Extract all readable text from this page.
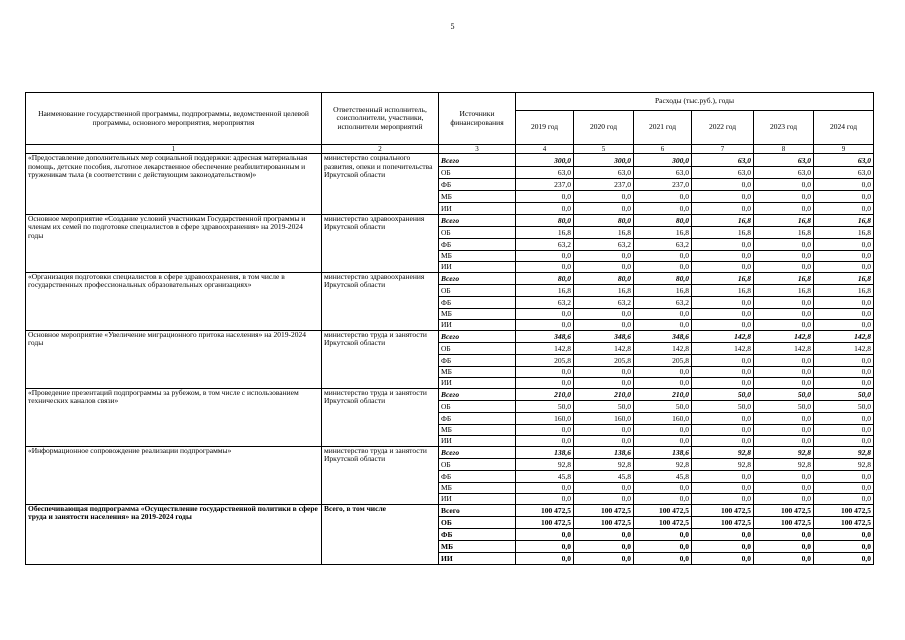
5
Наименование государственной программы, подпрограммы, ведомственной целевой программы, основного мероприятия, мероприятия	Ответственный исполнитель, соисполнители, участники, исполнители мероприятий	Источники финансирования	Расходы (тыс.руб.), годы					
			2019 год	2020 год	2021 год	2022 год	2023 год	2024 год
1	2	3	4	5	6	7	8	9
«Предоставление дополнительных мер социальной поддержки: адресная материальная помощь, детские пособия, льготное лекарственное обеспечение реабилитированным и труженикам тыла (в соответствии с действующим законодательством)»	министерство социального развития, опеки и попечительства Иркутской области	Всего	300,0	300,0	300,0	63,0	63,0	63,0
		ОБ	63,0	63,0	63,0	63,0	63,0	63,0
		ФБ	237,0	237,0	237,0	0,0	0,0	0,0
		МБ	0,0	0,0	0,0	0,0	0,0	0,0
		ИИ	0,0	0,0	0,0	0,0	0,0	0,0
Основное мероприятие «Создание условий участникам Государственной программы и членам их семей по подготовке специалистов в сфере здравоохранения» на 2019-2024 годы	министерство здравоохранения Иркутской области	Всего	80,0	80,0	80,0	16,8	16,8	16,8
		ОБ	16,8	16,8	16,8	16,8	16,8	16,8
		ФБ	63,2	63,2	63,2	0,0	0,0	0,0
		МБ	0,0	0,0	0,0	0,0	0,0	0,0
		ИИ	0,0	0,0	0,0	0,0	0,0	0,0
«Организация подготовки специалистов в сфере здравоохранения, в том числе в государственных профессиональных образовательных организациях»	министерство здравоохранения Иркутской области	Всего	80,0	80,0	80,0	16,8	16,8	16,8
		ОБ	16,8	16,8	16,8	16,8	16,8	16,8
		ФБ	63,2	63,2	63,2	0,0	0,0	0,0
		МБ	0,0	0,0	0,0	0,0	0,0	0,0
		ИИ	0,0	0,0	0,0	0,0	0,0	0,0
Основное мероприятие «Увеличение миграционного притока населения» на 2019-2024 годы	министерство труда и занятости Иркутской области	Всего	348,6	348,6	348,6	142,8	142,8	142,8
		ОБ	142,8	142,8	142,8	142,8	142,8	142,8
		ФБ	205,8	205,8	205,8	0,0	0,0	0,0
		МБ	0,0	0,0	0,0	0,0	0,0	0,0
		ИИ	0,0	0,0	0,0	0,0	0,0	0,0
«Проведение презентаций подпрограммы за рубежом, в том числе с использованием технических каналов связи»	министерство труда и занятости Иркутской области	Всего	210,0	210,0	210,0	50,0	50,0	50,0
		ОБ	50,0	50,0	50,0	50,0	50,0	50,0
		ФБ	160,0	160,0	160,0	0,0	0,0	0,0
		МБ	0,0	0,0	0,0	0,0	0,0	0,0
		ИИ	0,0	0,0	0,0	0,0	0,0	0,0
«Информационное сопровождение реализации подпрограммы»	министерство труда и занятости Иркутской области	Всего	138,6	138,6	138,6	92,8	92,8	92,8
		ОБ	92,8	92,8	92,8	92,8	92,8	92,8
		ФБ	45,8	45,8	45,8	0,0	0,0	0,0
		МБ	0,0	0,0	0,0	0,0	0,0	0,0
		ИИ	0,0	0,0	0,0	0,0	0,0	0,0
Обеспечивающая подпрограмма «Осуществление государственной политики в сфере труда и занятости населения» на 2019-2024 годы	Всего, в том числе	Всего	100 472,5	100 472,5	100 472,5	100 472,5	100 472,5	100 472,5
		ОБ	100 472,5	100 472,5	100 472,5	100 472,5	100 472,5	100 472,5
		ФБ	0,0	0,0	0,0	0,0	0,0	0,0
		МБ	0,0	0,0	0,0	0,0	0,0	0,0
		ИИ	0,0	0,0	0,0	0,0	0,0	0,0
